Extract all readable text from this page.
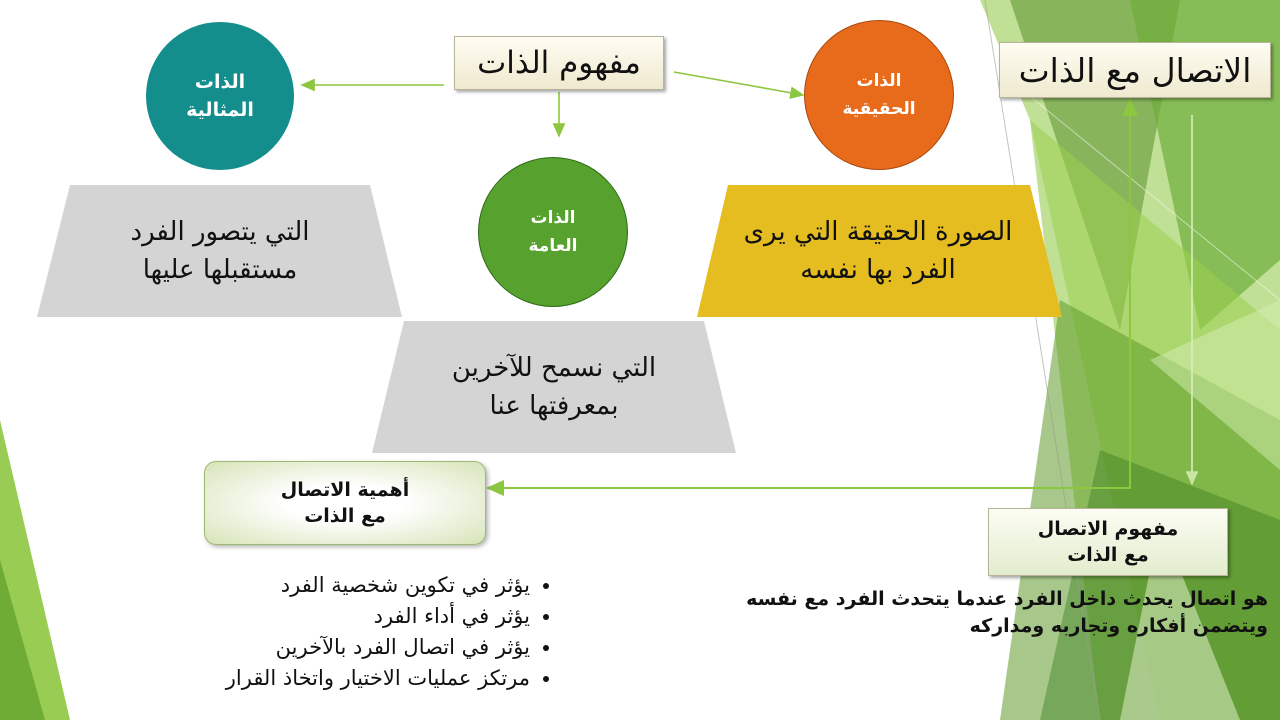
الاتصال مع الذات
مفهوم الذات
الذات المثالية
الذات الحقيقية
الذات العامة
التي يتصور الفرد مستقبلها عليها
الصورة الحقيقة التي يرى الفرد بها نفسه
التي نسمح للآخرين بمعرفتها عنا
أهمية الاتصال مع الذات
• يؤثر في تكوين شخصية الفرد
• يؤثر في أداء الفرد
• يؤثر في اتصال الفرد بالآخرين
• مرتكز عمليات الاختيار واتخاذ القرار
مفهوم الاتصال مع الذات
هو اتصال يحدث داخل الفرد عندما يتحدث الفرد مع نفسه ويتضمن أفكاره وتجاربه ومداركه
